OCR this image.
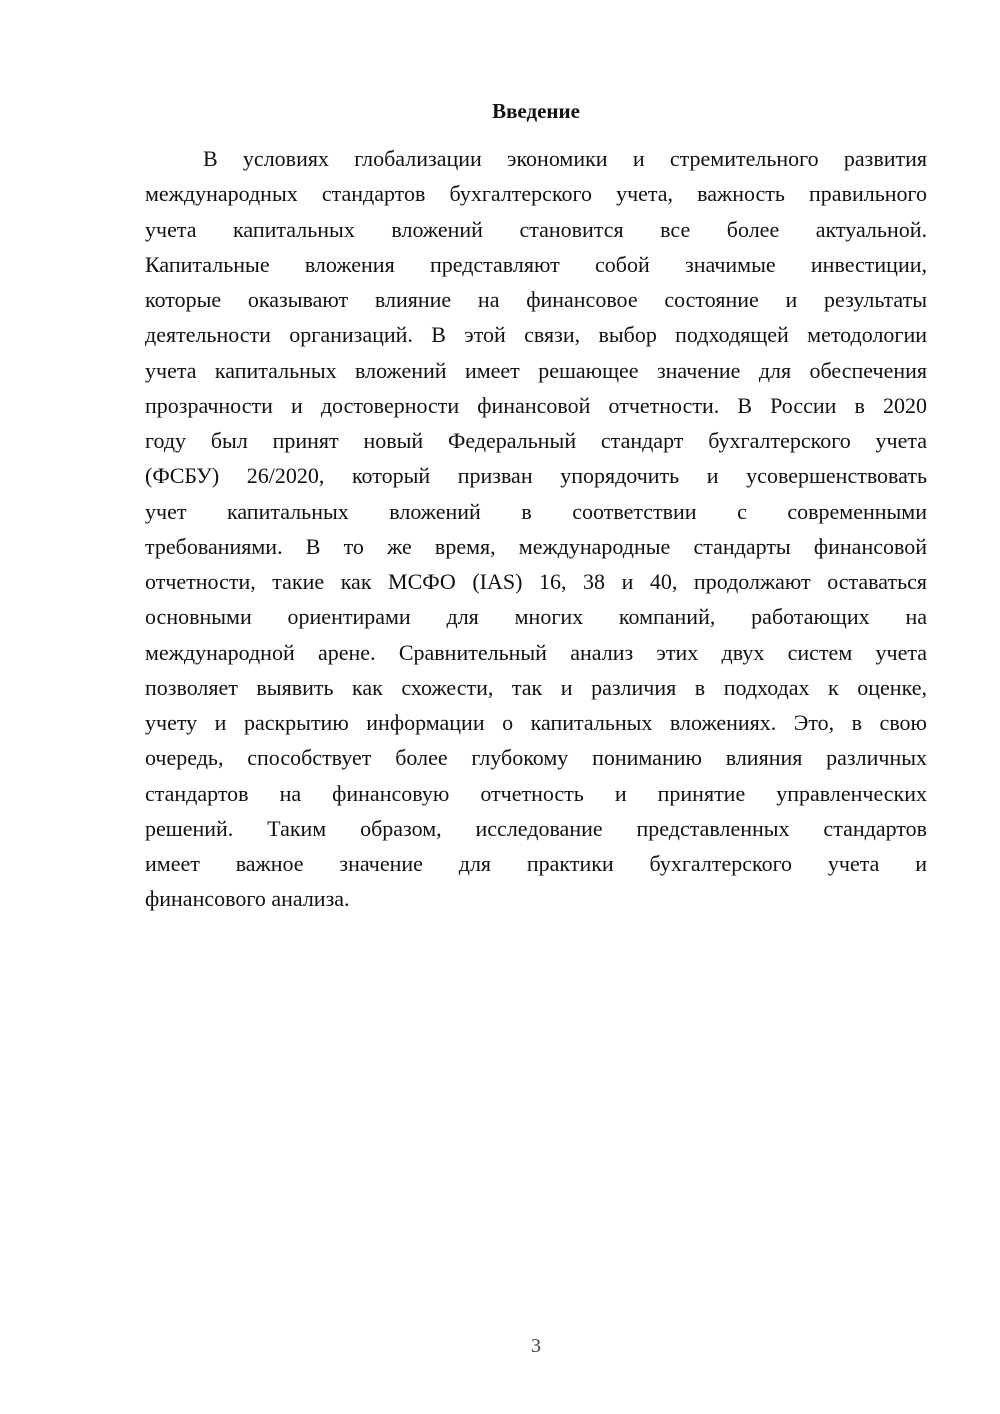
Введение
В условиях глобализации экономики и стремительного развития
международных стандартов бухгалтерского учета, важность правильного
учета капитальных вложений становится все более актуальной.
Капитальные вложения представляют собой значимые инвестиции,
которые оказывают влияние на финансовое состояние и результаты
деятельности организаций. В этой связи, выбор подходящей методологии
учета капитальных вложений имеет решающее значение для обеспечения
прозрачности и достоверности финансовой отчетности. В России в 2020
году был принят новый Федеральный стандарт бухгалтерского учета
(ФСБУ) 26/2020, который призван упорядочить и усовершенствовать
учет капитальных вложений в соответствии с современными
требованиями. В то же время, международные стандарты финансовой
отчетности, такие как МСФО (IAS) 16, 38 и 40, продолжают оставаться
основными ориентирами для многих компаний, работающих на
международной арене. Сравнительный анализ этих двух систем учета
позволяет выявить как схожести, так и различия в подходах к оценке,
учету и раскрытию информации о капитальных вложениях. Это, в свою
очередь, способствует более глубокому пониманию влияния различных
стандартов на финансовую отчетность и принятие управленческих
решений. Таким образом, исследование представленных стандартов
имеет важное значение для практики бухгалтерского учета и
финансового анализа.
3
